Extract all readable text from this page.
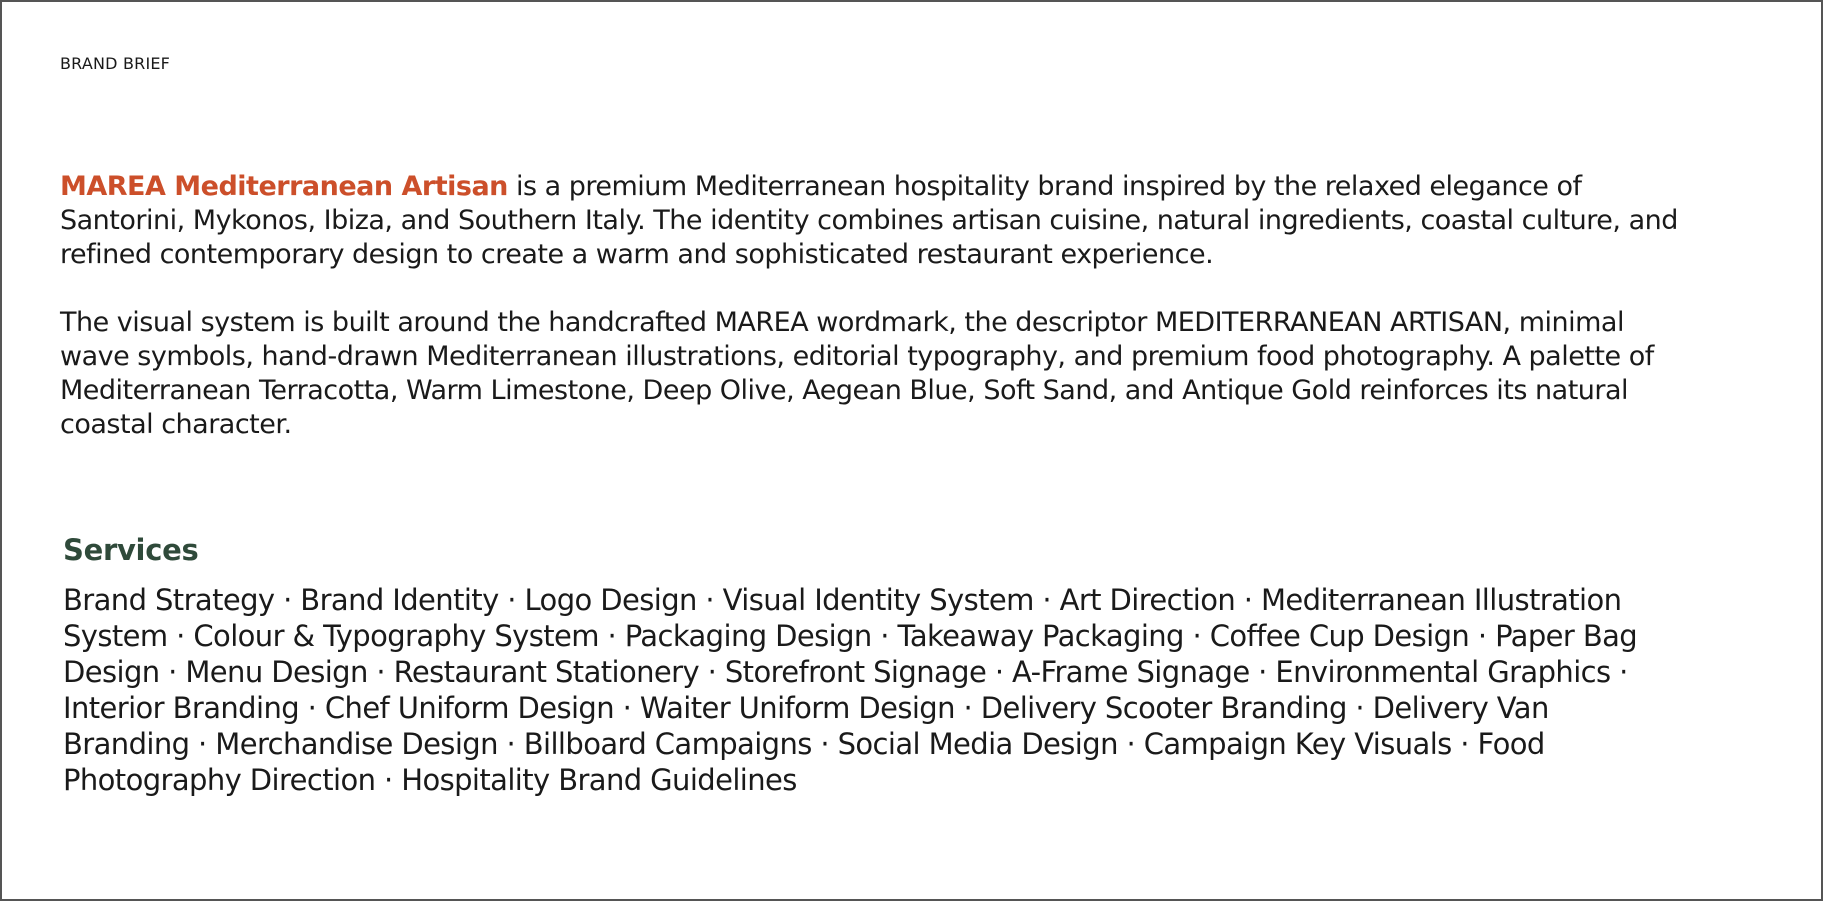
BRAND BRIEF

MAREA Mediterranean Artisan is a premium Mediterranean hospitality brand inspired by the relaxed elegance of Santorini, Mykonos, Ibiza, and Southern Italy. The identity combines artisan cuisine, natural ingredients, coastal culture, and refined contemporary design to create a warm and sophisticated restaurant experience.

The visual system is built around the handcrafted MAREA wordmark, the descriptor MEDITERRANEAN ARTISAN, minimal wave symbols, hand-drawn Mediterranean illustrations, editorial typography, and premium food photography. A palette of Mediterranean Terracotta, Warm Limestone, Deep Olive, Aegean Blue, Soft Sand, and Antique Gold reinforces its natural coastal character.

Services
Brand Strategy · Brand Identity · Logo Design · Visual Identity System · Art Direction · Mediterranean Illustration System · Colour & Typography System · Packaging Design · Takeaway Packaging · Coffee Cup Design · Paper Bag Design · Menu Design · Restaurant Stationery · Storefront Signage · A-Frame Signage · Environmental Graphics · Interior Branding · Chef Uniform Design · Waiter Uniform Design · Delivery Scooter Branding · Delivery Van Branding · Merchandise Design · Billboard Campaigns · Social Media Design · Campaign Key Visuals · Food Photography Direction · Hospitality Brand Guidelines
